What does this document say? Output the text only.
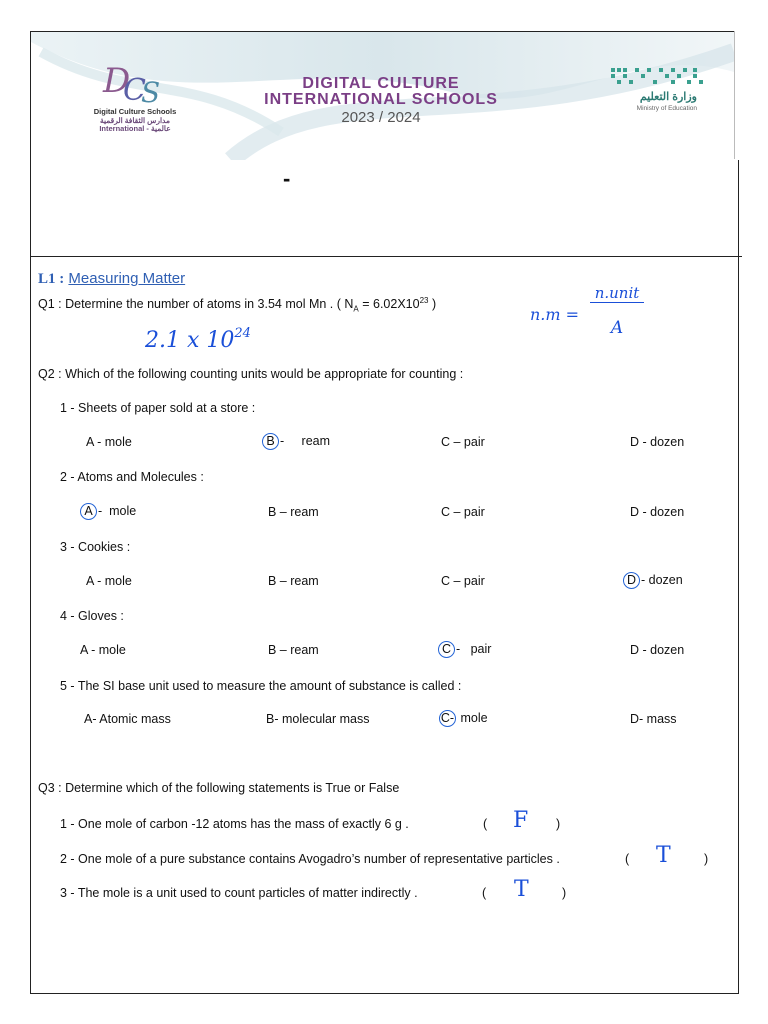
D
C
S
Digital Culture Schools
مدارس الثقافة الرقمية
International - عالمية
DIGITAL CULTURE
INTERNATIONAL SCHOOLS
2023 / 2024
وزارة التعليم
Ministry of Education
-
L1 : Measuring Matter
Q1 : Determine the number of atoms in 3.54 mol Mn . ( $N_A = 6.02X10^{23}$ )
2.1 x $10^{24}$
n.m =
n.unit
A
Q2 : Which of the following counting units would be appropriate for counting :
1 - Sheets of paper sold at a store :
A - mole	B -     ream	C – pair	D - dozen
2 - Atoms and Molecules :
A -  mole	B – ream	C – pair	D - dozen
3 - Cookies :
A - mole	B – ream	C – pair	D - dozen
4 - Gloves :
A - mole	B – ream	C -   pair	D - dozen
5 - The SI base unit used to measure the amount of substance is called :
A- Atomic mass	B- molecular mass	C- mole	D- mass
Q3 : Determine which of the following statements is True or False
1 - One mole of carbon -12 atoms has the mass of exactly 6 g .	( F )
2 - One mole of a pure substance contains Avogadro’s number of representative particles .	( T	)
3 - The mole is a unit used to count particles of matter indirectly .	( T	)
